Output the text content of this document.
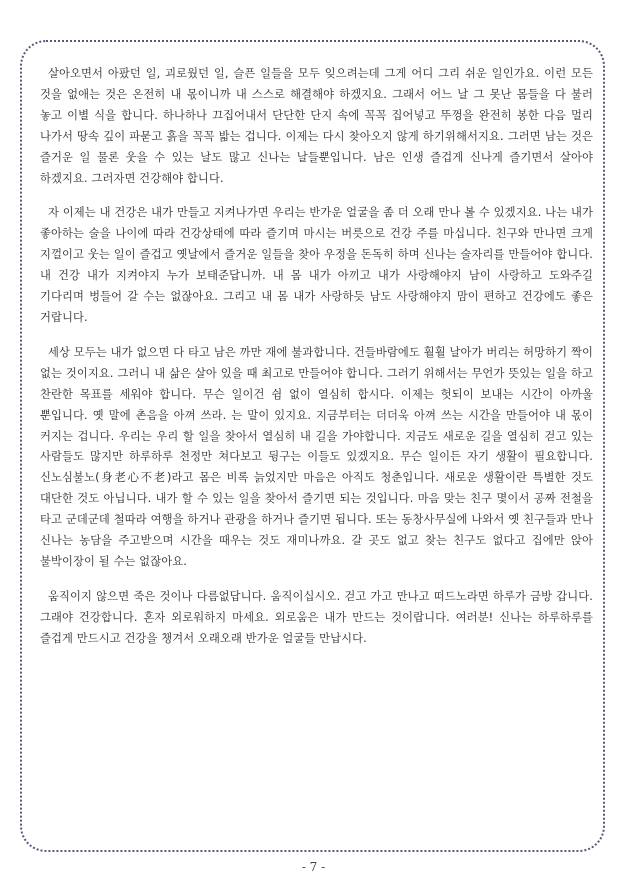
살아오면서 아팠던 일, 괴로웠던 일, 슬픈 일들을 모두 잊으려는데 그게 어디 그리 쉬운 일인가요. 이런 모든 것을 없애는 것은 온전히 내 몫이니까 내 스스로 해결해야 하겠지요. 그래서 어느 날 그 못난 몸들을 다 불러 놓고 이별 식을 합니다. 하나하나 끄집어내서 단단한 단지 속에 꼭꼭 집어넣고 뚜껑을 완전히 봉한 다음 멀리 나가서 땅속 깊이 파묻고 흙을 꼭꼭 밟는 겁니다. 이제는 다시 찾아오지 않게 하기위해서지요. 그러면 남는 것은 즐거운 일 물론 웃을 수 있는 날도 많고 신나는 날들뿐입니다. 남은 인생 즐겁게 신나게 즐기면서 살아야 하겠지요. 그러자면 건강해야 합니다.

자 이제는 내 건강은 내가 만들고 지켜나가면 우리는 반가운 얼굴을 좀 더 오래 만나 볼 수 있겠지요. 나는 내가 좋아하는 술을 나이에 따라 건강상태에 따라 즐기며 마시는 버릇으로 건강 주를 마십니다. 친구와 만나면 크게 지껄이고 웃는 일이 즐겁고 옛날에서 즐거운 일들을 찾아 우정을 돈독히 하며 신나는 술자리를 만들어야 합니다. 내 건강 내가 지켜야지 누가 보태준답니까. 내 몸 내가 아끼고 내가 사랑해야지 남이 사랑하고 도와주길 기다리며 벙들어 갈 수는 없잖아요. 그리고 내 몸 내가 사랑하듯 남도 사랑해야지 맘이 편하고 건강에도 좋은 거랍니다.

세상 모두는 내가 없으면 다 타고 남은 까만 재에 불과합니다. 건들바람에도 훨훨 날아가 버리는 허망하기 짝이 없는 것이지요. 그러니 내 삶은 살아 있을 때 최고로 만들어야 합니다. 그러기 위해서는 무언가 뜻있는 일을 하고 찬란한 목표를 세워야 합니다. 무슨 일이건 쉼 없이 열심히 합시다. 이제는 헛되이 보내는 시간이 아까울 뿐입니다. 옛 말에 촌음을 아껴 쓰라. 는 말이 있지요. 지금부터는 더더욱 아껴 쓰는 시간을 만들어야 내 몫이 커지는 겁니다. 우리는 우리 할 일을 찾아서 열심히 내 길을 가야합니다. 지금도 새로운 길을 열심히 걷고 있는 사람들도 많지만 하루하루 천정만 쳐다보고 뒹구는 이들도 있겠지요. 무슨 일이든 자기 생활이 필요합니다. 신노심불노(身老心不老)라고 몸은 비록 늙었지만 마음은 아직도 청춘입니다. 새로운 생활이란 특별한 것도 대단한 것도 아닙니다. 내가 할 수 있는 일을 찾아서 즐기면 되는 것입니다. 마음 맞는 친구 몇이서 공짜 전철을 타고 군데군데 철따라 여행을 하거나 관광을 하거나 즐기면 됩니다. 또는 동창사무실에 나와서 옛 친구들과 만나 신나는 농담을 주고받으며 시간을 때우는 것도 재미나까요. 갈 곳도 없고 찾는 친구도 없다고 집에만 앉아 불박이장이 될 수는 없잖아요.

움직이지 않으면 죽은 것이나 다름없답니다. 움직이십시오. 걷고 가고 만나고 떠드노라면 하루가 금방 갑니다. 그래야 건강합니다. 혼자 외로워하지 마세요. 외로움은 내가 만드는 것이랍니다. 여러분! 신나는 하루하루를 즐겁게 만드시고 건강을 챙겨서 오래오래 반가운 얼굴들 만납시다.

- 7 -
